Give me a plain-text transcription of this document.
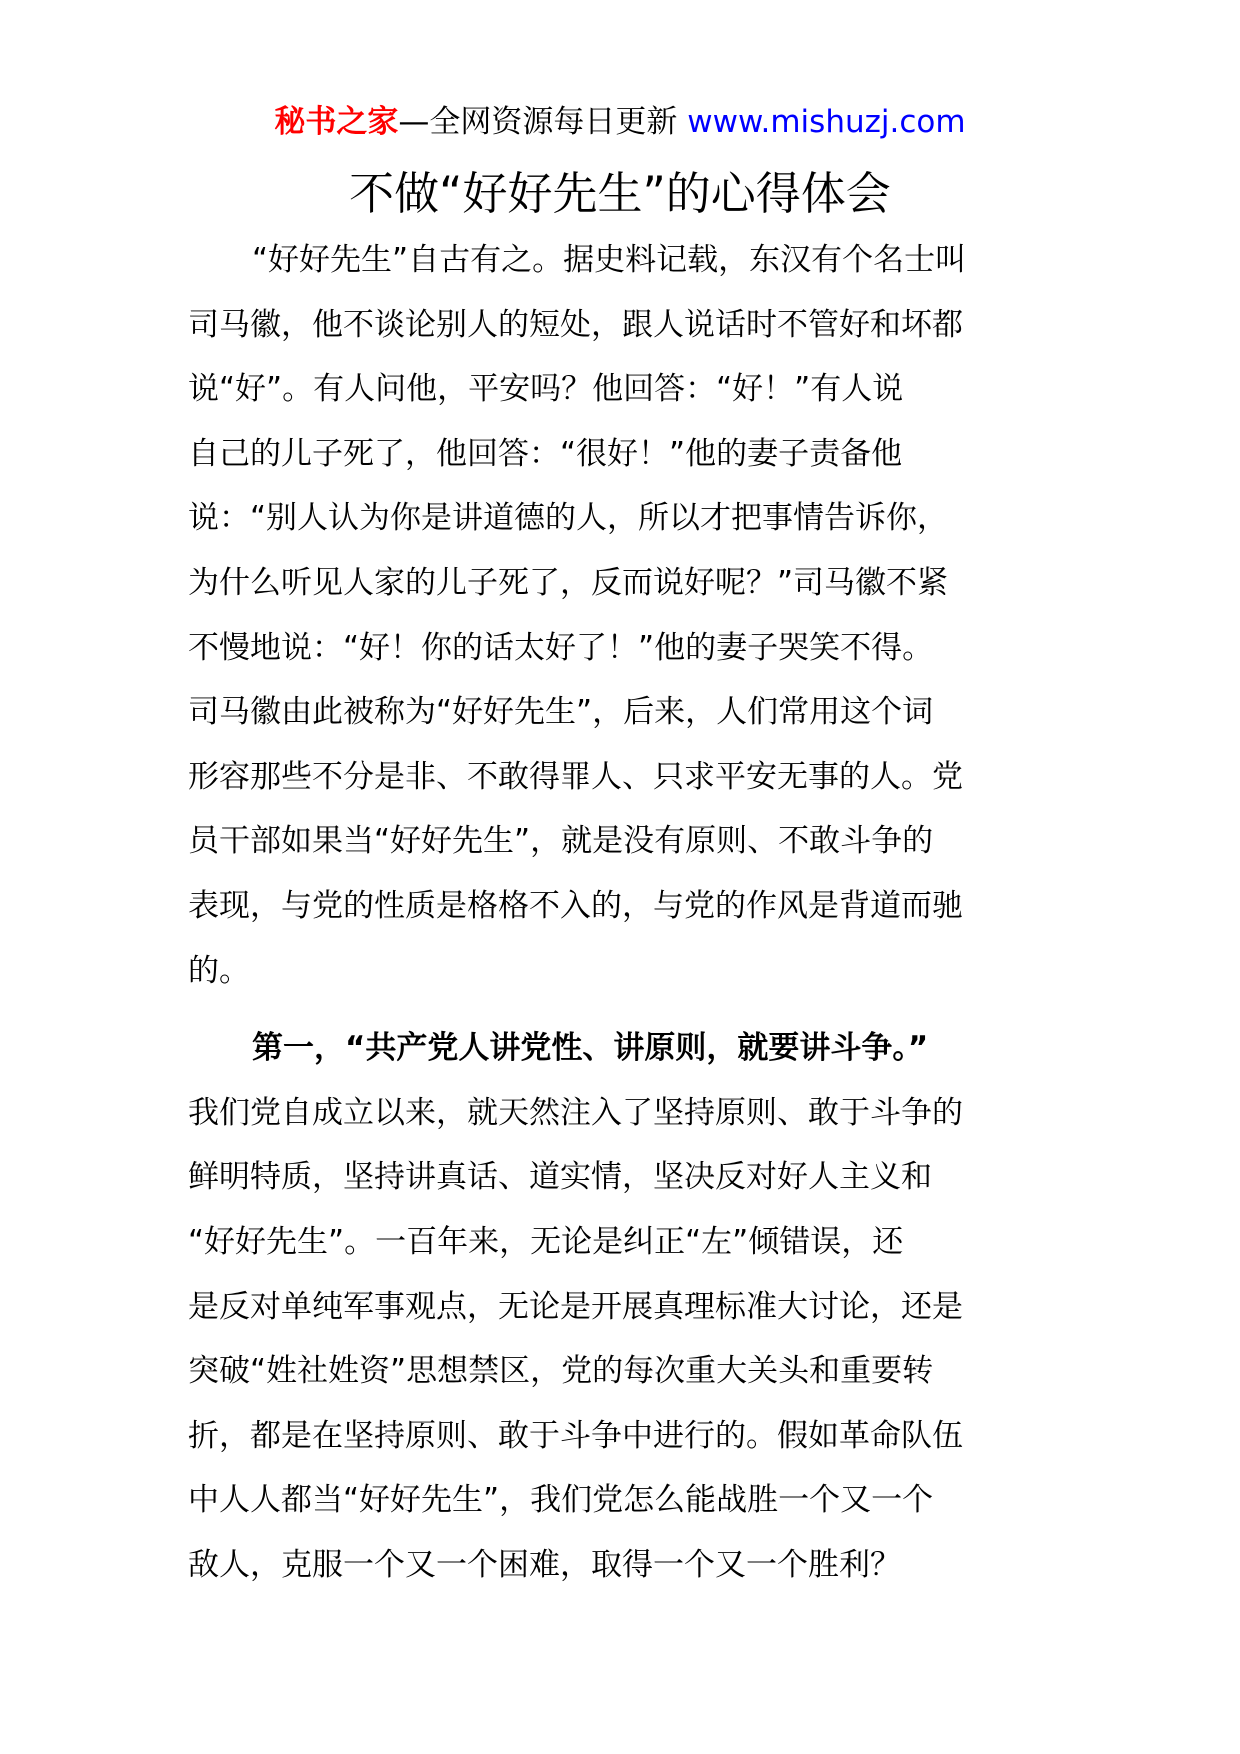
秘书之家—全网资源每日更新 www.mishuzj.com
不做“好好先生”的心得体会

“好好先生”自古有之。据史料记载，东汉有个名士叫
司马徽，他不谈论别人的短处，跟人说话时不管好和坏都
说“好”。有人问他，平安吗？他回答：“好！”有人说
自己的儿子死了，他回答：“很好！”他的妻子责备他
说：“别人认为你是讲道德的人，所以才把事情告诉你，
为什么听见人家的儿子死了，反而说好呢？”司马徽不紧
不慢地说：“好！你的话太好了！”他的妻子哭笑不得。
司马徽由此被称为“好好先生”，后来，人们常用这个词
形容那些不分是非、不敢得罪人、只求平安无事的人。党
员干部如果当“好好先生”，就是没有原则、不敢斗争的
表现，与党的性质是格格不入的，与党的作风是背道而驰
的。

第一，“共产党人讲党性、讲原则，就要讲斗争。”
我们党自成立以来，就天然注入了坚持原则、敢于斗争的
鲜明特质，坚持讲真话、道实情，坚决反对好人主义和
“好好先生”。一百年来，无论是纠正“左”倾错误，还
是反对单纯军事观点，无论是开展真理标准大讨论，还是
突破“姓社姓资”思想禁区，党的每次重大关头和重要转
折，都是在坚持原则、敢于斗争中进行的。假如革命队伍
中人人都当“好好先生”，我们党怎么能战胜一个又一个
敌人，克服一个又一个困难，取得一个又一个胜利？
